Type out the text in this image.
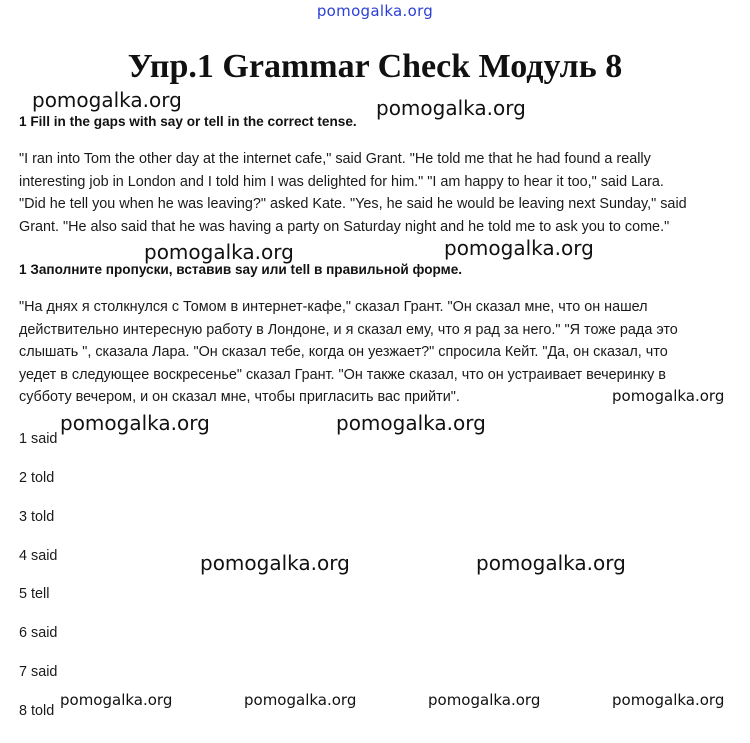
pomogalka.org
Упр.1 Grammar Check Модуль 8
1 Fill in the gaps with say or tell in the correct tense.
"I ran into Tom the other day at the internet cafe," said Grant. "He told me that he had found a really
interesting job in London and I told him I was delighted for him." "I am happy to hear it too," said Lara.
"Did he tell you when he was leaving?" asked Kate. "Yes, he said he would be leaving next Sunday," said
Grant. "He also said that he was having a party on Saturday night and he told me to ask you to come."
1 Заполните пропуски, вставив say или tell в правильной форме.
"На днях я столкнулся с Томом в интернет-кафе," сказал Грант. "Он сказал мне, что он нашел
действительно интересную работу в Лондоне, и я сказал ему, что я рад за него." "Я тоже рада это
слышать ", сказала Лара. "Он сказал тебе, когда он уезжает?" спросила Кейт. "Да, он сказал, что
уедет в следующее воскресенье" сказал Грант. "Он также сказал, что он устраивает вечеринку в
субботу вечером, и он сказал мне, чтобы пригласить вас прийти".
1 said
2 told
3 told
4 said
5 tell
6 said
7 said
8 told
pomogalka.org	pomogalka.org
pomogalka.org	pomogalka.org
pomogalka.org
pomogalka.org	pomogalka.org
pomogalka.org	pomogalka.org
pomogalka.org	pomogalka.org	pomogalka.org	pomogalka.org
